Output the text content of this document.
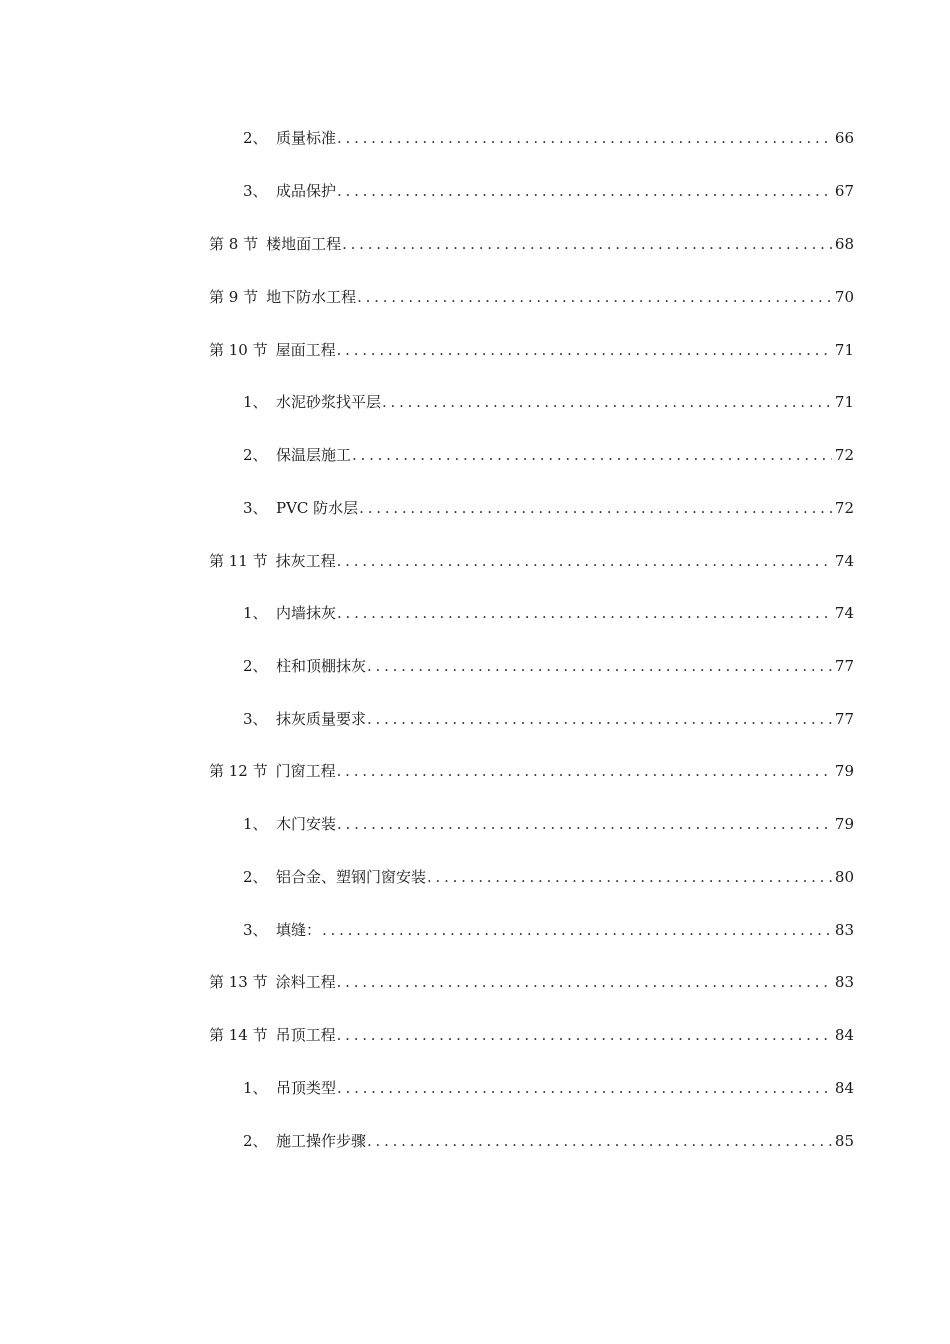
2、 质量标准 . . .	66
3、 成品保护 . . .	67
第 8 节 楼地面工程 . . .	68
第 9 节 地下防水工程 . . .	70
第 10 节 屋面工程 . . .	71
1、 水泥砂浆找平层 . . .	71
2、 保温层施工 . . .	72
3、 PVC 防水层 . . .	72
第 11 节 抹灰工程 . . .	74
1、 内墙抹灰 . . .	74
2、 柱和顶棚抹灰 . . .	77
3、 抹灰质量要求 . . .	77
第 12 节 门窗工程 . . .	79
1、 木门安装 . . .	79
2、 铝合金、塑钢门窗安装 . . .	80
3、 填缝： . . .	83
第 13 节 涂料工程 . . .	83
第 14 节 吊顶工程 . . .	84
1、 吊顶类型 . . .	84
2、 施工操作步骤 . . .	85
